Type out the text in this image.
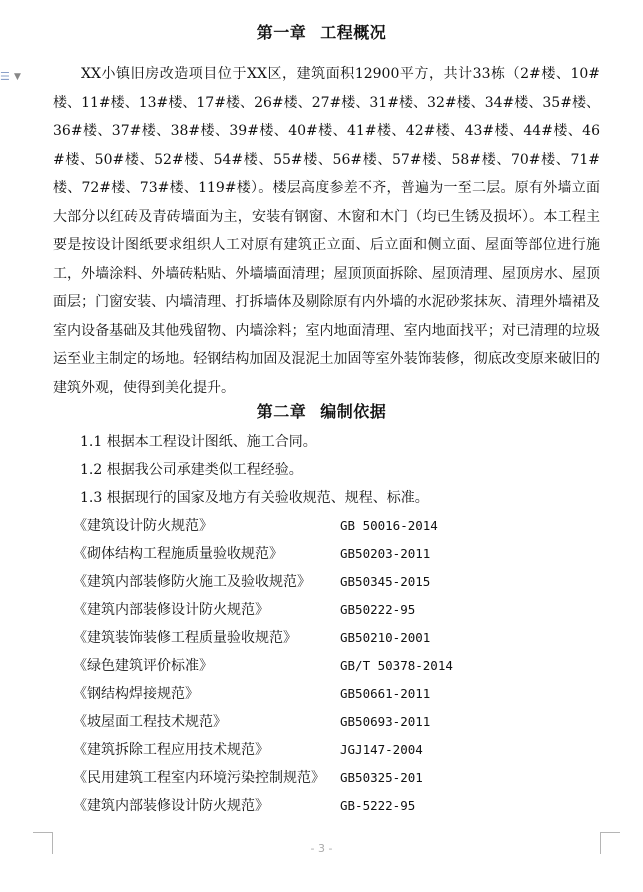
☰ ▼
第一章 工程概况
XX小镇旧房改造项目位于XX区，建筑面积12900平方，共计33栋（2#楼、10#楼、11#楼、13#楼、17#楼、26#楼、27#楼、31#楼、32#楼、34#楼、35#楼、36#楼、37#楼、38#楼、39#楼、40#楼、41#楼、42#楼、43#楼、44#楼、46#楼、50#楼、52#楼、54#楼、55#楼、56#楼、57#楼、58#楼、70#楼、71#楼、72#楼、73#楼、119#楼）。楼层高度参差不齐，普遍为一至二层。原有外墙立面大部分以红砖及青砖墙面为主，安装有钢窗、木窗和木门（均已生锈及损坏）。本工程主要是按设计图纸要求组织人工对原有建筑正立面、后立面和侧立面、屋面等部位进行施工，外墙涂料、外墙砖粘贴、外墙墙面清理；屋顶顶面拆除、屋顶清理、屋顶房水、屋顶面层；门窗安装、内墙清理、打拆墙体及剔除原有内外墙的水泥砂浆抹灰、清理外墙裙及室内设备基础及其他残留物、内墙涂料；室内地面清理、室内地面找平；对已清理的垃圾运至业主制定的场地。轻钢结构加固及混泥土加固等室外装饰装修，彻底改变原来破旧的建筑外观，使得到美化提升。
第二章 编制依据
1.1 根据本工程设计图纸、施工合同。
1.2 根据我公司承建类似工程经验。
1.3 根据现行的国家及地方有关验收规范、规程、标准。
《建筑设计防火规范》	GB 50016-2014
《砌体结构工程施质量验收规范》	GB50203-2011
《建筑内部装修防火施工及验收规范》 GB50345-2015
《建筑内部装修设计防火规范》	GB50222-95
《建筑装饰装修工程质量验收规范》	GB50210-2001
《绿色建筑评价标准》	GB/T 50378-2014
《钢结构焊接规范》	GB50661-2011
《坡屋面工程技术规范》	GB50693-2011
《建筑拆除工程应用技术规范》	JGJ147-2004
《民用建筑工程室内环境污染控制规范》 GB50325-201
《建筑内部装修设计防火规范》	GB-5222-95
- 3 -
